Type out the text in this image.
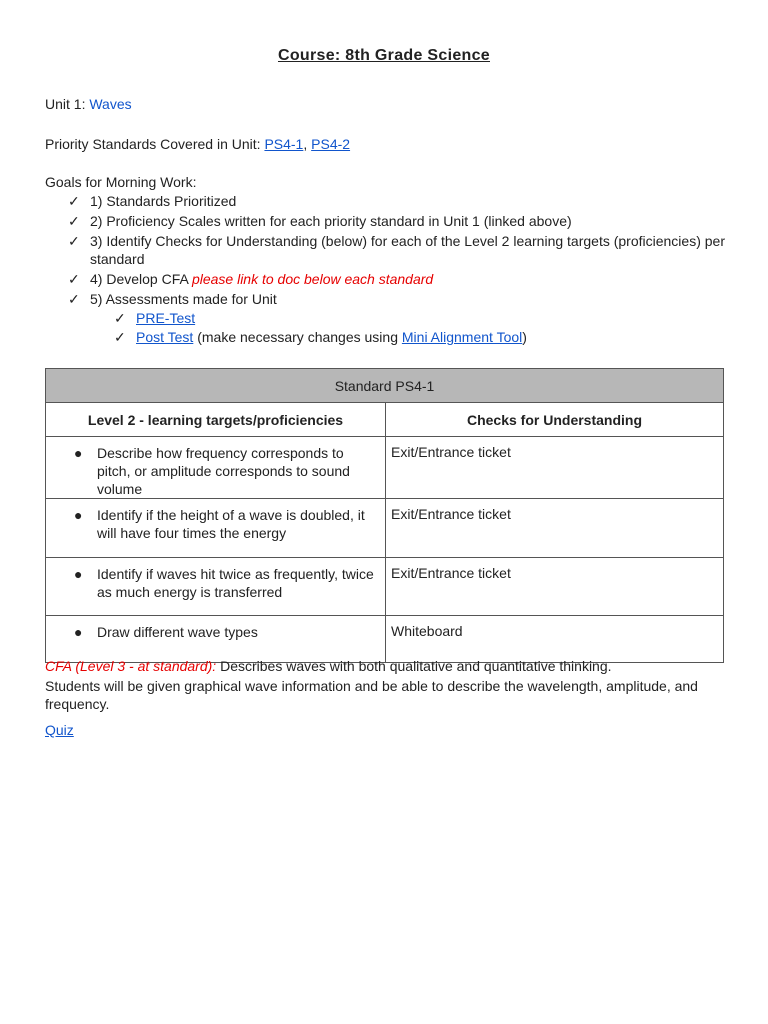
Course: 8th Grade Science
Unit 1: Waves
Priority Standards Covered in Unit: PS4-1, PS4-2
Goals for Morning Work:
✓ 1) Standards Prioritized
✓ 2) Proficiency Scales written for each priority standard in Unit 1 (linked above)
✓ 3) Identify Checks for Understanding (below) for each of the Level 2 learning targets (proficiencies) per
standard
✓ 4) Develop CFA please link to doc below each standard
✓ 5) Assessments made for Unit
✓ PRE-Test
✓ Post Test (make necessary changes using Mini Alignment Tool)
Standard PS4-1	
Level 2 - learning targets/proficiencies	Checks for Understanding

● Describe how frequency corresponds to pitch, or amplitude corresponds to sound volume	Exit/Entrance ticket

● Identify if the height of a wave is doubled, it will have four times the energy	Exit/Entrance ticket

● Identify if waves hit twice as frequently, twice as much energy is transferred	Exit/Entrance ticket

● Draw different wave types	Whiteboard
CFA (Level 3 - at standard): Describes waves with both qualitative and quantitative thinking.
Students will be given graphical wave information and be able to describe the wavelength, amplitude, and frequency.
Quiz
